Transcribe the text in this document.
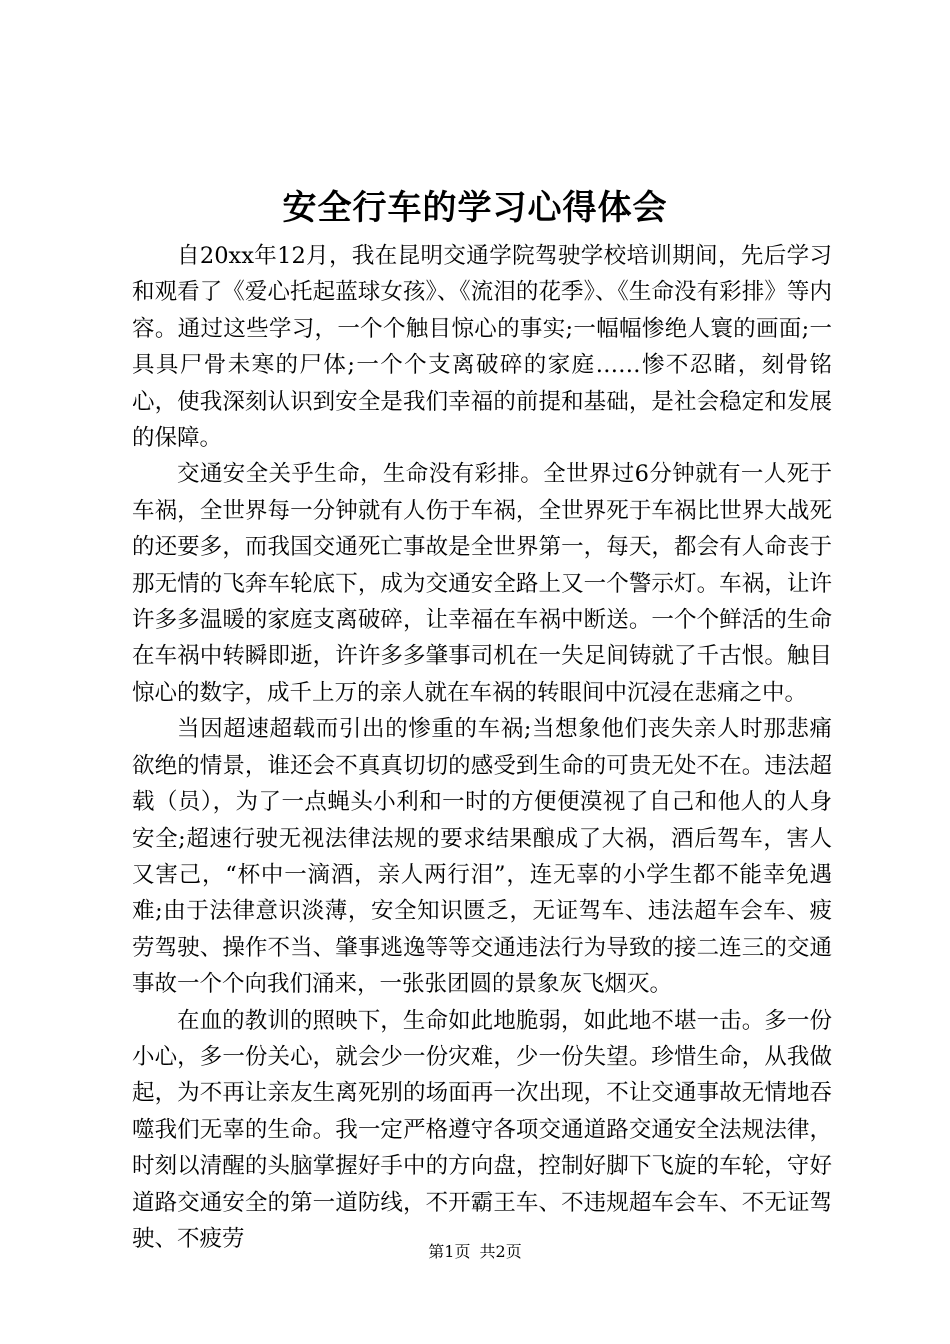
安全行车的学习心得体会

自20xx年12月，我在昆明交通学院驾驶学校培训期间，先后学习和观看了《爱心托起蓝球女孩》、《流泪的花季》、《生命没有彩排》等内容。通过这些学习，一个个触目惊心的事实;一幅幅惨绝人寰的画面;一具具尸骨未寒的尸体;一个个支离破碎的家庭……惨不忍睹，刻骨铭心，使我深刻认识到安全是我们幸福的前提和基础，是社会稳定和发展的保障。

交通安全关乎生命，生命没有彩排。全世界过6分钟就有一人死于车祸，全世界每一分钟就有人伤于车祸，全世界死于车祸比世界大战死的还要多，而我国交通死亡事故是全世界第一，每天，都会有人命丧于那无情的飞奔车轮底下，成为交通安全路上又一个警示灯。车祸，让许许多多温暖的家庭支离破碎，让幸福在车祸中断送。一个个鲜活的生命在车祸中转瞬即逝，许许多多肇事司机在一失足间铸就了千古恨。触目惊心的数字，成千上万的亲人就在车祸的转眼间中沉浸在悲痛之中。

当因超速超载而引出的惨重的车祸;当想象他们丧失亲人时那悲痛欲绝的情景，谁还会不真真切切的感受到生命的可贵无处不在。违法超载（员），为了一点蝇头小利和一时的方便便漠视了自己和他人的人身安全;超速行驶无视法律法规的要求结果酿成了大祸，酒后驾车，害人又害己，“杯中一滴酒，亲人两行泪”，连无辜的小学生都不能幸免遇难;由于法律意识淡薄，安全知识匮乏，无证驾车、违法超车会车、疲劳驾驶、操作不当、肇事逃逸等等交通违法行为导致的接二连三的交通事故一个个向我们涌来，一张张团圆的景象灰飞烟灭。

在血的教训的照映下，生命如此地脆弱，如此地不堪一击。多一份小心，多一份关心，就会少一份灾难，少一份失望。珍惜生命，从我做起，为不再让亲友生离死别的场面再一次出现，不让交通事故无情地吞噬我们无辜的生命。我一定严格遵守各项交通道路交通安全法规法律，时刻以清醒的头脑掌握好手中的方向盘，控制好脚下飞旋的车轮，守好道路交通安全的第一道防线，不开霸王车、不违规超车会车、不无证驾驶、不疲劳	第1页 共2页
